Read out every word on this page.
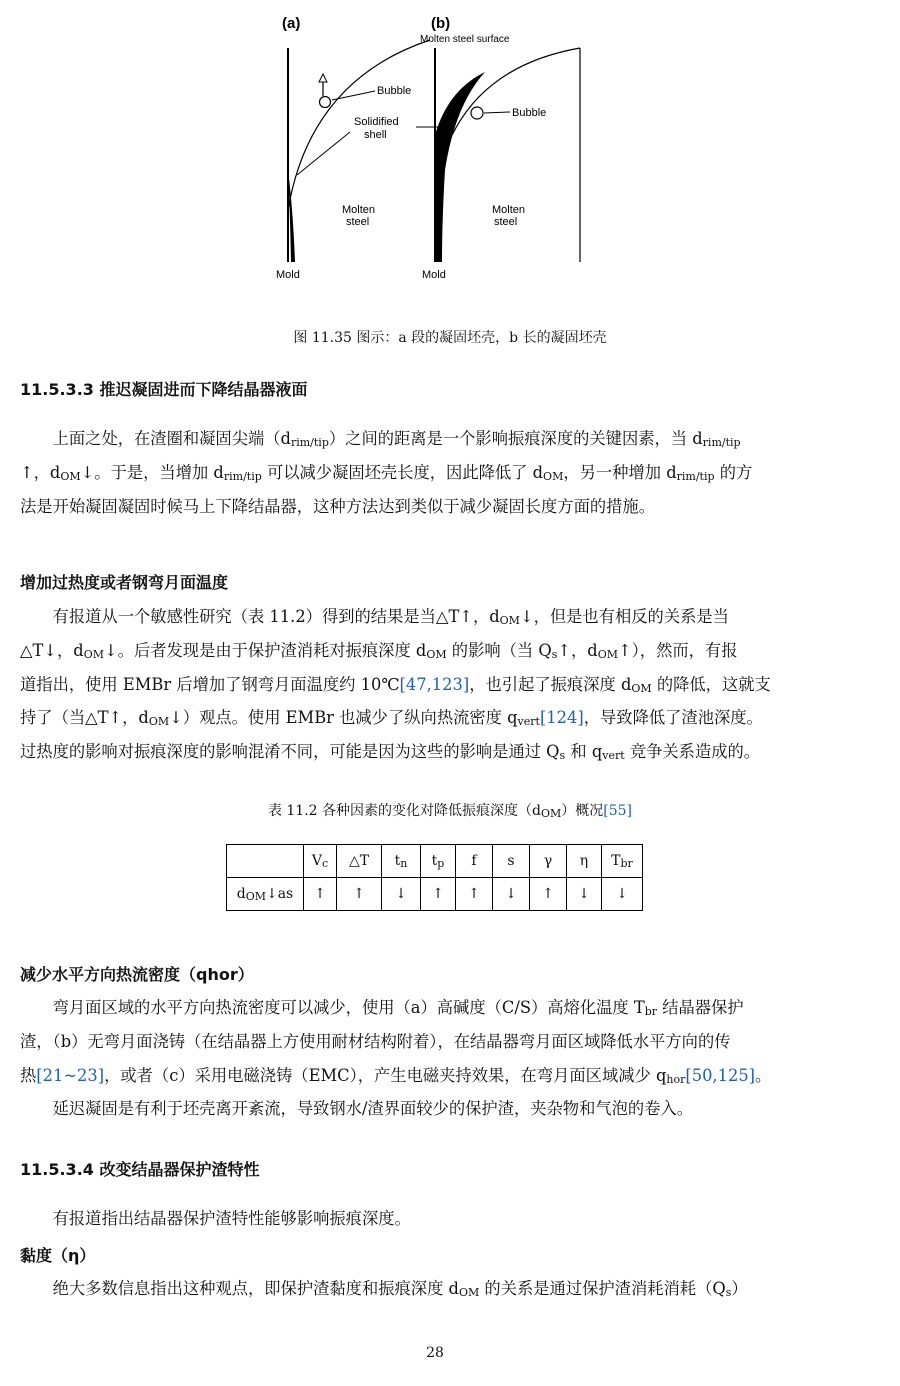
(a)	(b)
Molten steel surface
Bubble
Solidified
shell
Bubble
Molten
steel
Molten
steel
Mold	Mold
图 11.35 图示：a 段的凝固坯壳，b 长的凝固坯壳
11.5.3.3 推迟凝固进而下降结晶器液面
上面之处，在渣圈和凝固尖端$(d_{rim/tip})$之间的距离是一个影响振痕深度的关键因素，当 $d_{rim/tip}$
↑，$d_{OM}↓$。于是，当增加 $d_{rim/tip}$ 可以减少凝固坯壳长度，因此降低了 $d_{OM}$，另一种增加 $d_{rim/tip}$ 的方
法是开始凝固凝固时候马上下降结晶器，这种方法达到类似于减少凝固长度方面的措施。
增加过热度或者钢弯月面温度
有报道从一个敏感性研究（表 11.2）得到的结果是当△T↑，$d_{OM}↓$，但是也有相反的关系是当
△T↓，$d_{OM}↓$。后者发现是由于保护渣消耗对振痕深度 $d_{OM}$ 的影响（当 $Q_s↑$，$d_{OM}↑$），然而，有报
道指出，使用 EMBr 后增加了钢弯月面温度约 10℃[47,123]，也引起了振痕深度 $d_{OM}$ 的降低，这就支
持了（当△T↑，$d_{OM}↓$）观点。使用 EMBr 也减少了纵向热流密度 $q_{vert}[124]$，导致降低了渣池深度。
过热度的影响对振痕深度的影响混淆不同，可能是因为这些的影响是通过 $Q_s$ 和 $q_{vert}$ 竞争关系造成的。
表 11.2 各种因素的变化对降低振痕深度$(d_{OM})$概况[55]
	$V_c$	△T	$t_n$	$t_p$	f	s	γ	η	$T_{br}$
$d_{OM}↓as$	↑	↑	↓	↑	↑	↓	↑	↓	↓
减少水平方向热流密度（qhor）
弯月面区域的水平方向热流密度可以减少，使用（a）高碱度（C/S）高熔化温度 $T_{br}$ 结晶器保护
渣，（b）无弯月面浇铸（在结晶器上方使用耐材结构附着），在结晶器弯月面区域降低水平方向的传
热[21~23]，或者（c）采用电磁浇铸（EMC），产生电磁夹持效果，在弯月面区域减少 $q_{hor}[50,125]$。
延迟凝固是有利于坯壳离开紊流，导致钢水/渣界面较少的保护渣，夹杂物和气泡的卷入。
11.5.3.4 改变结晶器保护渣特性
有报道指出结晶器保护渣特性能够影响振痕深度。
黏度（η）
绝大多数信息指出这种观点，即保护渣黏度和振痕深度 $d_{OM}$ 的关系是通过保护渣消耗消耗$(Q_s)$
28
